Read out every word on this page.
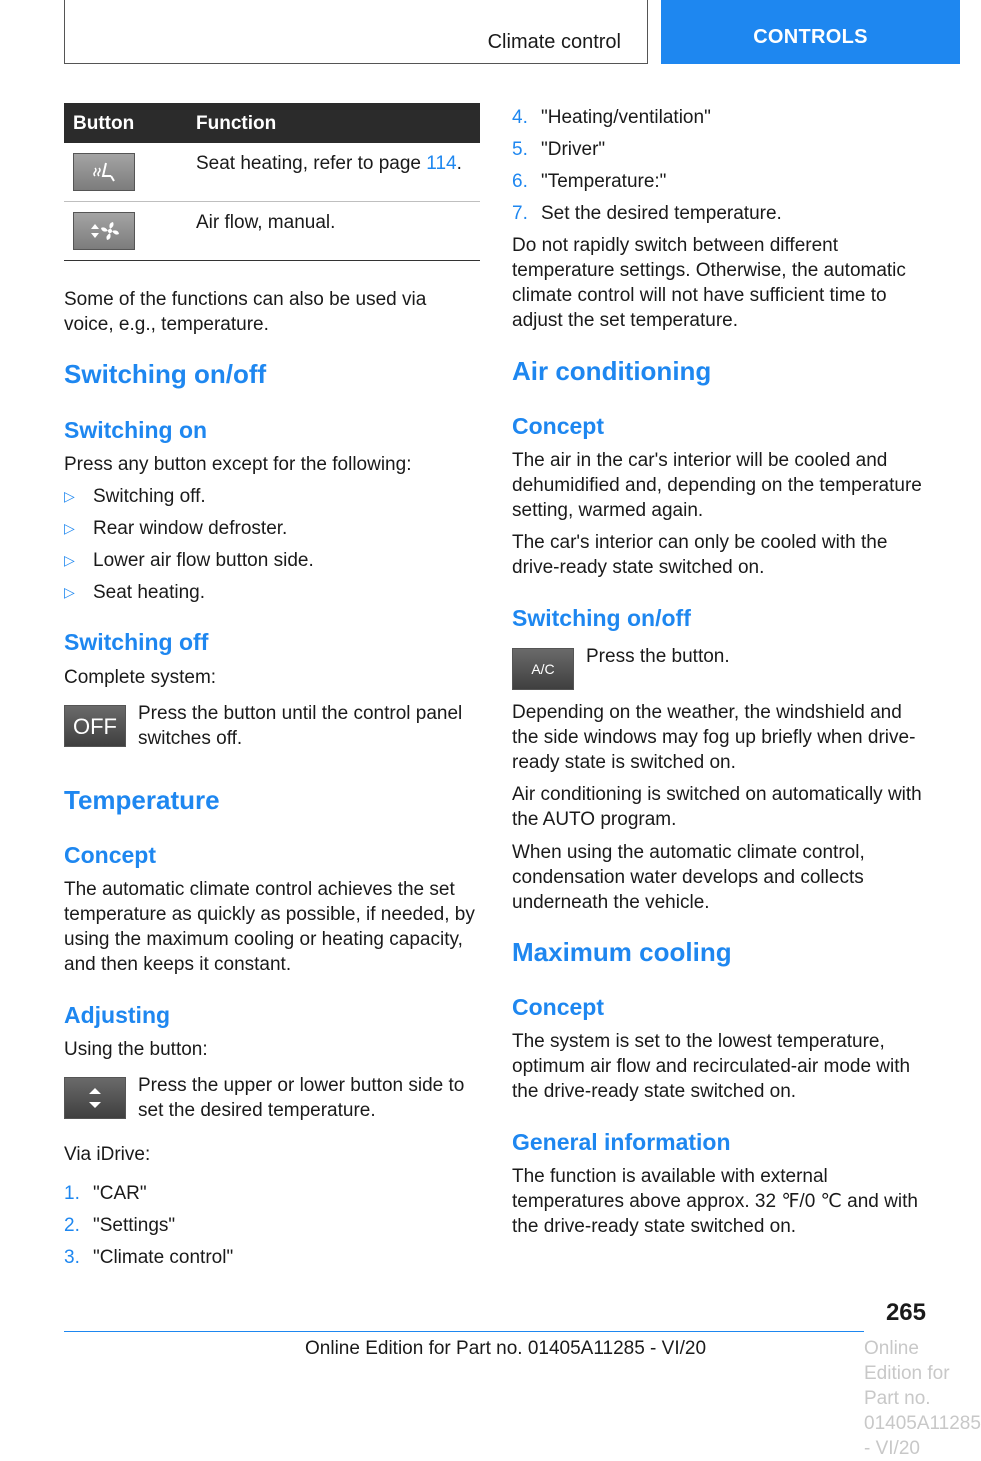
Climate control	CONTROLS
Button	Function
Seat heating, refer to page 114.
Air flow, manual.

Some of the functions can also be used via voice, e.g., temperature.

Switching on/off
Switching on

Press any button except for the following:

▷ Switching off.
▷ Rear window defroster.
▷ Lower air flow button side.
▷ Seat heating.
Switching off

Complete system:

OFF	Press the button until the control panel switches off.

Temperature
Concept

The automatic climate control achieves the set temperature as quickly as possible, if needed, by using the maximum cooling or heating capacity, and then keeps it constant.

Adjusting

Using the button:

Press the upper or lower button side to set the desired temperature.

Via iDrive:

1. "CAR"
2. "Settings"
3. "Climate control"
4. "Heating/ventilation"
5. "Driver"
6. "Temperature:"
7. Set the desired temperature.

Do not rapidly switch between different temperature settings. Otherwise, the automatic climate control will not have sufficient time to adjust the set temperature.

Air conditioning
Concept

The air in the car's interior will be cooled and dehumidified and, depending on the temperature setting, warmed again.

The car's interior can only be cooled with the drive-ready state switched on.

Switching on/off
A/C

Press the button.

Depending on the weather, the windshield and the side windows may fog up briefly when drive-ready state is switched on.

Air conditioning is switched on automatically with the AUTO program.

When using the automatic climate control, condensation water develops and collects underneath the vehicle.

Maximum cooling
Concept

The system is set to the lowest temperature, optimum air flow and recirculated-air mode with the drive-ready state switched on.

General information

The function is available with external temperatures above approx. 32 ℉/0 ℃ and with the drive-ready state switched on.

265
Online Edition for Part no. 01405A11285 - VI/20	Online Edition for Part no. 01405A11285 - VI/20
